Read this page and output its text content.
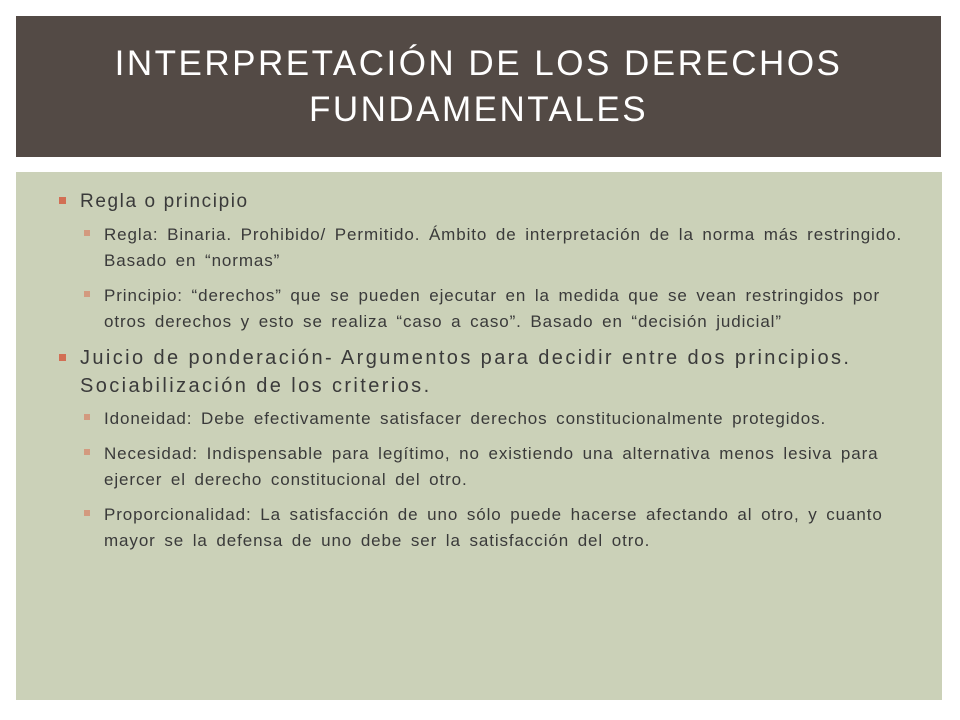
INTERPRETACIÓN DE LOS DERECHOS FUNDAMENTALES
Regla o principio
Regla: Binaria. Prohibido/ Permitido. Ámbito de interpretación de la norma más restringido. Basado en “normas”
Principio: “derechos” que se pueden ejecutar en la medida que se vean restringidos por otros derechos y esto se realiza “caso a caso”. Basado en “decisión judicial”
Juicio de ponderación- Argumentos para decidir entre dos principios. Sociabilización de los criterios.
Idoneidad: Debe efectivamente satisfacer derechos constitucionalmente protegidos.
Necesidad: Indispensable para legítimo, no existiendo una alternativa menos lesiva para ejercer el derecho constitucional del otro.
Proporcionalidad: La satisfacción de uno sólo puede hacerse afectando al otro, y cuanto mayor se la defensa de uno debe ser la satisfacción del otro.
